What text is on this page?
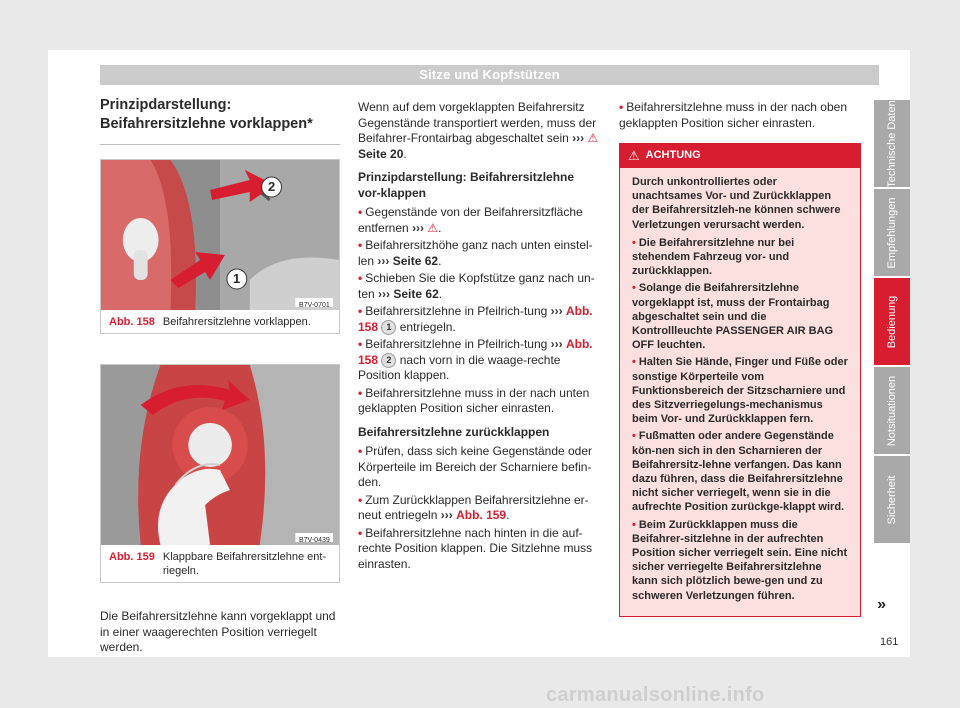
Sitze und Kopfstützen
Prinzipdarstellung: Beifahrersitzlehne vorklappen*
2
1
B7V-0701
Abb. 158 Beifahrersitzlehne vorklappen.
B7V-0439
Abb. 159 Klappbare Beifahrersitzlehne ent-riegeln.

Die Beifahrersitzlehne kann vorgeklappt und in einer waagerechten Position verriegelt werden.

Wenn auf dem vorgeklappten Beifahrersitz Gegenstände transportiert werden, muss der Beifahrer-Frontairbag abgeschaltet sein ››› ⚠ Seite 20.

Prinzipdarstellung: Beifahrersitzlehne vor-klappen
• Gegenstände von der Beifahrersitzfläche entfernen ››› ⚠.
• Beifahrersitzhöhe ganz nach unten einstel-len ››› Seite 62.
• Schieben Sie die Kopfstütze ganz nach un-ten ››› Seite 62.
• Beifahrersitzlehne in Pfeilrich-tung ››› Abb. 158 1 entriegeln.
• Beifahrersitzlehne in Pfeilrich-tung ››› Abb. 158 2 nach vorn in die waage-rechte Position klappen.
• Beifahrersitzlehne muss in der nach unten geklappten Position sicher einrasten.
Beifahrersitzlehne zurückklappen
• Prüfen, dass sich keine Gegenstände oder Körperteile im Bereich der Scharniere befin-den.
• Zum Zurückklappen Beifahrersitzlehne er-neut entriegeln ››› Abb. 159.
• Beifahrersitzlehne nach hinten in die auf-rechte Position klappen. Die Sitzlehne muss einrasten.
• Beifahrersitzlehne muss in der nach oben geklappten Position sicher einrasten.
⚠ ACHTUNG

Durch unkontrolliertes oder unachtsames Vor- und Zurückklappen der Beifahrersitzleh-ne können schwere Verletzungen verursacht werden.

• Die Beifahrersitzlehne nur bei stehendem Fahrzeug vor- und zurückklappen.
• Solange die Beifahrersitzlehne vorgeklappt ist, muss der Frontairbag abgeschaltet sein und die Kontrollleuchte PASSENGER AIR BAG OFF leuchten.
• Halten Sie Hände, Finger und Füße oder sonstige Körperteile vom Funktionsbereich der Sitzscharniere und des Sitzverriegelungs-mechanismus beim Vor- und Zurückklappen fern.
• Fußmatten oder andere Gegenstände kön-nen sich in den Scharnieren der Beifahrersitz-lehne verfangen. Das kann dazu führen, dass die Beifahrersitzlehne nicht sicher verriegelt, wenn sie in die aufrechte Position zurückge-klappt wird.
• Beim Zurückklappen muss die Beifahrer-sitzlehne in der aufrechten Position sicher verriegelt sein. Eine nicht sicher verriegelte Beifahrersitzlehne kann sich plötzlich bewe-gen und zu schweren Verletzungen führen.	»
Technische Daten
Empfehlungen
Bedienung
Notsituationen
Sicherheit
161
carmanualsonline.info
